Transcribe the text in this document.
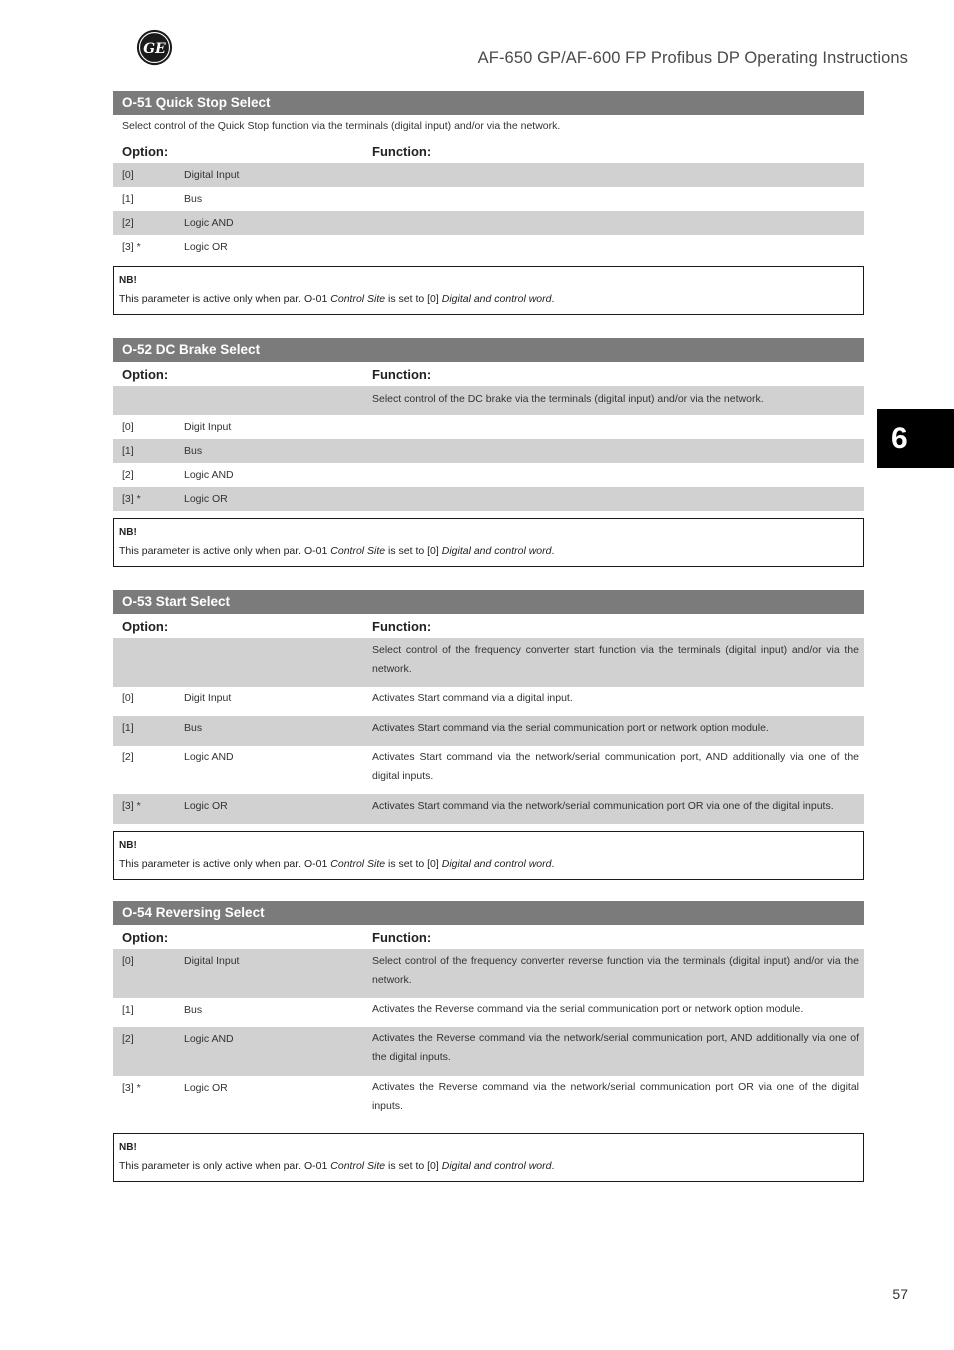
GE	AF-650 GP/AF-600 FP Profibus DP Operating Instructions
6
O-51 Quick Stop Select
Select control of the Quick Stop function via the terminals (digital input) and/or via the network.
Option:	Function:
[0]	Digital Input
[1]	Bus
[2]	Logic AND
[3] *	Logic OR
NB!
This parameter is active only when par. O-01 Control Site is set to [0] Digital and control word.
O-52 DC Brake Select
Option:	Function:
Select control of the DC brake via the terminals (digital input) and/or via the network.
[0]	Digit Input
[1]	Bus
[2]	Logic AND
[3] *	Logic OR
NB!
This parameter is active only when par. O-01 Control Site is set to [0] Digital and control word.
O-53 Start Select
Option:	Function:
Select control of the frequency converter start function via the terminals (digital input) and/or via the network.
[0]	Digit Input	Activates Start command via a digital input.
[1]	Bus	Activates Start command via the serial communication port or network option module.
[2]	Logic AND	Activates Start command via the network/serial communication port, AND additionally via one of the digital inputs.
[3] *	Logic OR	Activates Start command via the network/serial communication port OR via one of the digital inputs.
NB!
This parameter is active only when par. O-01 Control Site is set to [0] Digital and control word.
O-54 Reversing Select
Option:	Function:
[0]	Digital Input	Select control of the frequency converter reverse function via the terminals (digital input) and/or via the network.
[1]	Bus	Activates the Reverse command via the serial communication port or network option module.
[2]	Logic AND	Activates the Reverse command via the network/serial communication port, AND additionally via one of the digital inputs.
[3] *	Logic OR	Activates the Reverse command via the network/serial communication port OR via one of the digital inputs.
NB!
This parameter is only active when par. O-01 Control Site is set to [0] Digital and control word.
57
